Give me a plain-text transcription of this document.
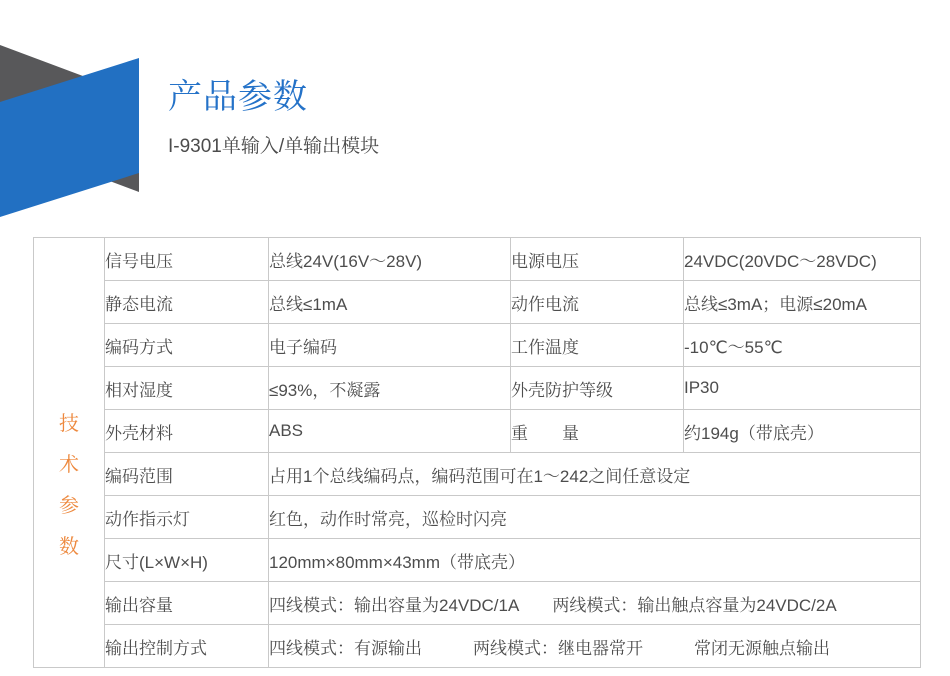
产品参数
I-9301单输入/单输出模块
技
术
参
数	信号电压	总线24V(16V～28V)	电源电压	24VDC(20VDC～28VDC)
	静态电流	总线≤1mA	动作电流	总线≤3mA；电源≤20mA
	编码方式	电子编码	工作温度	-10℃～55℃
	相对湿度	≤93%，不凝露	外壳防护等级	IP30
	外壳材料	ABS	重　　量	约194g（带底壳）
	编码范围	占用1个总线编码点，编码范围可在1～242之间任意设定		
	动作指示灯	红色，动作时常亮，巡检时闪亮		
	尺寸(L×W×H)	120mm×80mm×43mm（带底壳）		
	输出容量	四线模式：输出容量为24VDC/1A　　两线模式：输出触点容量为24VDC/2A		
	输出控制方式	四线模式：有源输出　　　两线模式：继电器常开　　　常闭无源触点输出		
